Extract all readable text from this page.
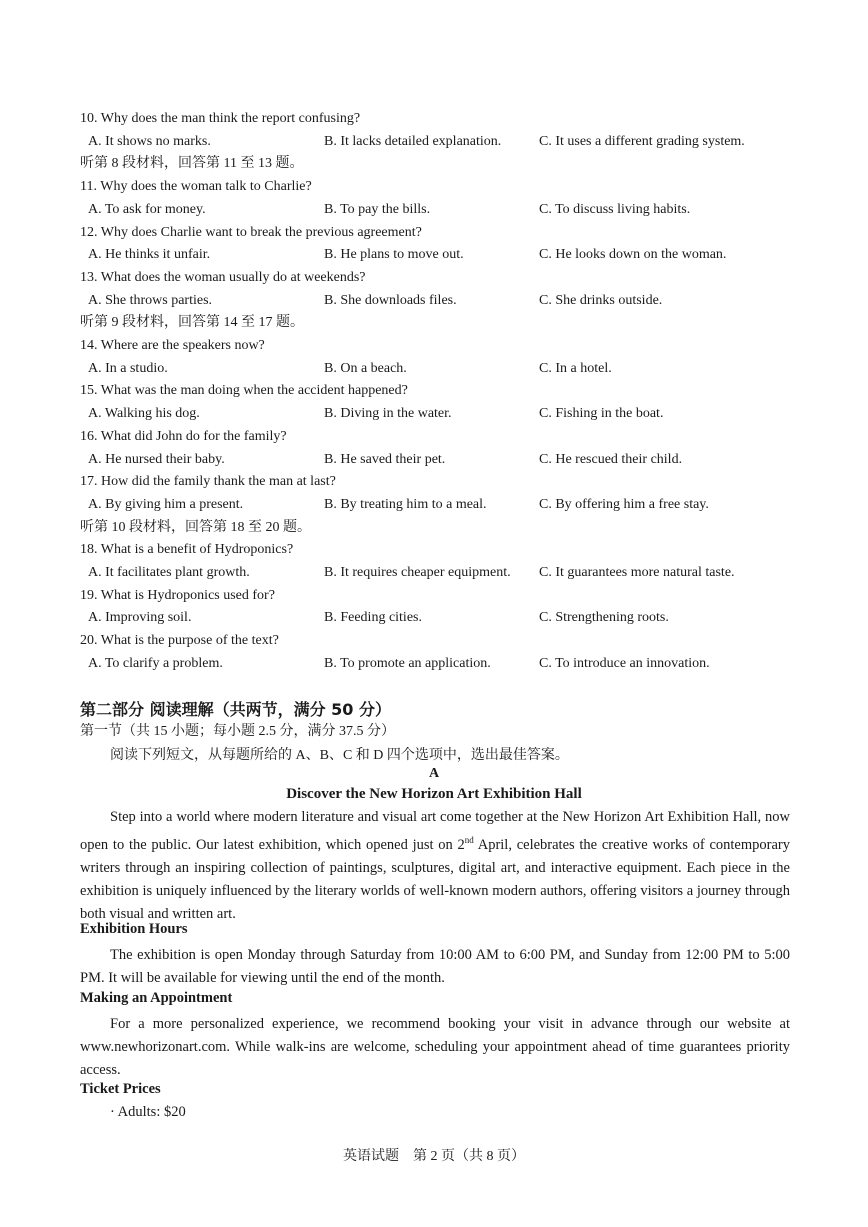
10. Why does the man think the report confusing?
A. It shows no marks.	B. It lacks detailed explanation.	C. It uses a different grading system.
听第 8 段材料，回答第 11 至 13 题。
11. Why does the woman talk to Charlie?
A. To ask for money.	B. To pay the bills.	C. To discuss living habits.
12. Why does Charlie want to break the previous agreement?
A. He thinks it unfair.	B. He plans to move out.	C. He looks down on the woman.
13. What does the woman usually do at weekends?
A. She throws parties.	B. She downloads files.	C. She drinks outside.
听第 9 段材料，回答第 14 至 17 题。
14. Where are the speakers now?
A. In a studio.	B. On a beach.	C. In a hotel.
15. What was the man doing when the accident happened?
A. Walking his dog.	B. Diving in the water.	C. Fishing in the boat.
16. What did John do for the family?
A. He nursed their baby.	B. He saved their pet.	C. He rescued their child.
17. How did the family thank the man at last?
A. By giving him a present.	B. By treating him to a meal.	C. By offering him a free stay.
听第 10 段材料，回答第 18 至 20 题。
18. What is a benefit of Hydroponics?
A. It facilitates plant growth.	B. It requires cheaper equipment. C. It guarantees more natural taste.
19. What is Hydroponics used for?
A. Improving soil.	B. Feeding cities.	C. Strengthening roots.
20. What is the purpose of the text?
A. To clarify a problem.	B. To promote an application.	C. To introduce an innovation.
第二部分 阅读理解（共两节，满分 50 分）
第一节（共 15 小题；每小题 2.5 分，满分 37.5 分）
阅读下列短文，从每题所给的 A、B、C 和 D 四个选项中，选出最佳答案。
A
Discover the New Horizon Art Exhibition Hall
Step into a world where modern literature and visual art come together at the New Horizon Art Exhibition Hall, now open to the public. Our latest exhibition, which opened just on 2nd April, celebrates the creative works of contemporary writers through an inspiring collection of paintings, sculptures, digital art, and interactive equipment. Each piece in the exhibition is uniquely influenced by the literary worlds of well-known modern authors, offering visitors a journey through both visual and written art.
Exhibition Hours
The exhibition is open Monday through Saturday from 10:00 AM to 6:00 PM, and Sunday from 12:00 PM to 5:00 PM. It will be available for viewing until the end of the month.
Making an Appointment
For a more personalized experience, we recommend booking your visit in advance through our website at www.newhorizonart.com. While walk-ins are welcome, scheduling your appointment ahead of time guarantees priority access.
Ticket Prices
· Adults: $20
英语试题　第 2 页（共 8 页）
